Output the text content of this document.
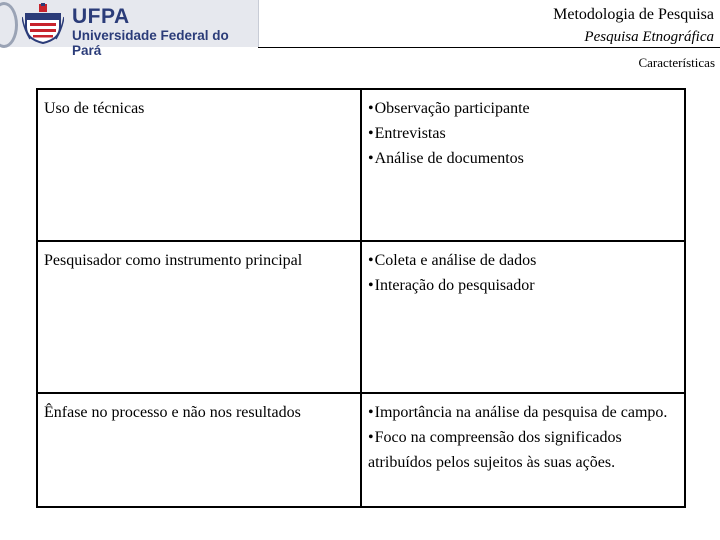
UFPA
Universidade Federal do Pará
Metodologia de Pesquisa
Pesquisa Etnográfica
Características
Uso de técnicas	• Observação participante
• Entrevistas
• Análise de documentos

Pesquisador como instrumento principal	• Coleta e análise de dados
• Interação do pesquisador

Ênfase no processo e não nos resultados	• Importância na análise da pesquisa de campo.
• Foco na compreensão dos significados atribuídos pelos sujeitos às suas ações.
